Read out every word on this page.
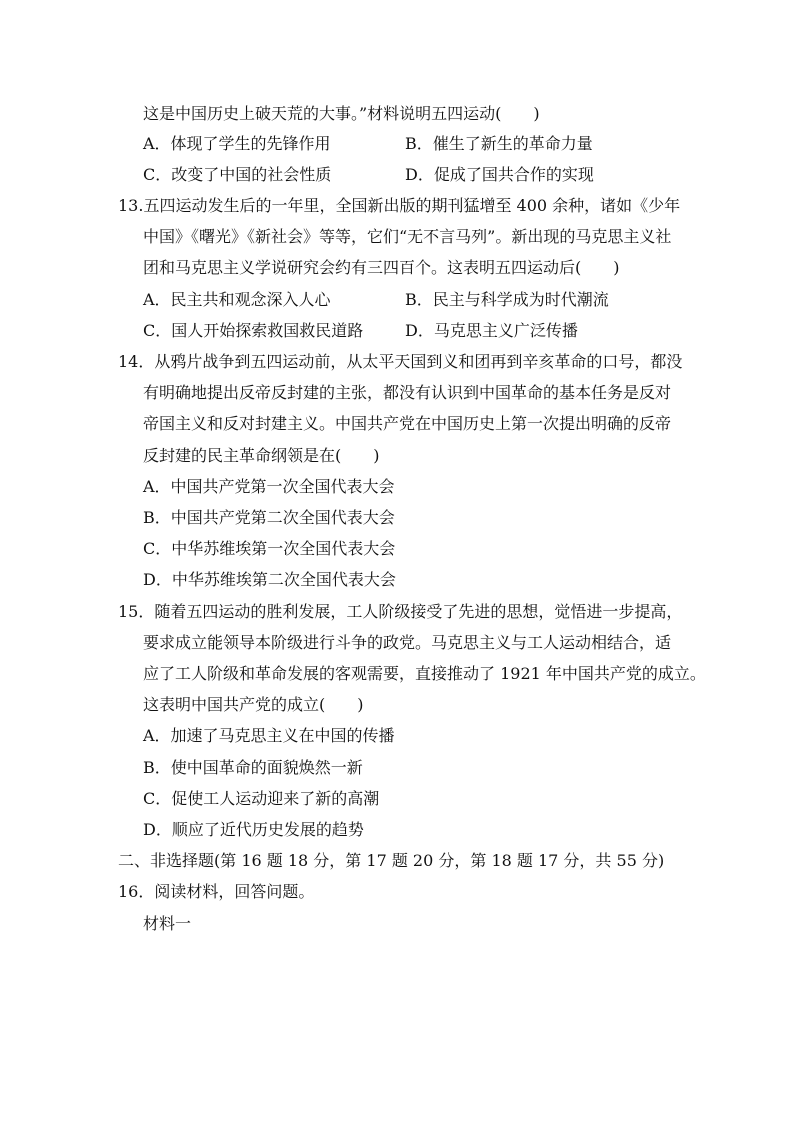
这是中国历史上破天荒的大事。”材料说明五四运动(　　)
A．体现了学生的先锋作用	B．催生了新生的革命力量
C．改变了中国的社会性质	D．促成了国共合作的实现
13.五四运动发生后的一年里，全国新出版的期刊猛增至 400 余种，诸如《少年
中国》《曙光》《新社会》等等，它们“无不言马列”。新出现的马克思主义社
团和马克思主义学说研究会约有三四百个。这表明五四运动后(　　)
A．民主共和观念深入人心	B．民主与科学成为时代潮流
C．国人开始探索救国救民道路	D．马克思主义广泛传播
14．从鸦片战争到五四运动前，从太平天国到义和团再到辛亥革命的口号，都没
有明确地提出反帝反封建的主张，都没有认识到中国革命的基本任务是反对
帝国主义和反对封建主义。中国共产党在中国历史上第一次提出明确的反帝
反封建的民主革命纲领是在(　　)
A．中国共产党第一次全国代表大会
B．中国共产党第二次全国代表大会
C．中华苏维埃第一次全国代表大会
D．中华苏维埃第二次全国代表大会
15．随着五四运动的胜利发展，工人阶级接受了先进的思想，觉悟进一步提高，
要求成立能领导本阶级进行斗争的政党。马克思主义与工人运动相结合，适
应了工人阶级和革命发展的客观需要，直接推动了 1921 年中国共产党的成立。
这表明中国共产党的成立(　　)
A．加速了马克思主义在中国的传播
B．使中国革命的面貌焕然一新
C．促使工人运动迎来了新的高潮
D．顺应了近代历史发展的趋势
二、非选择题(第 16 题 18 分，第 17 题 20 分，第 18 题 17 分，共 55 分)
16．阅读材料，回答问题。
材料一
